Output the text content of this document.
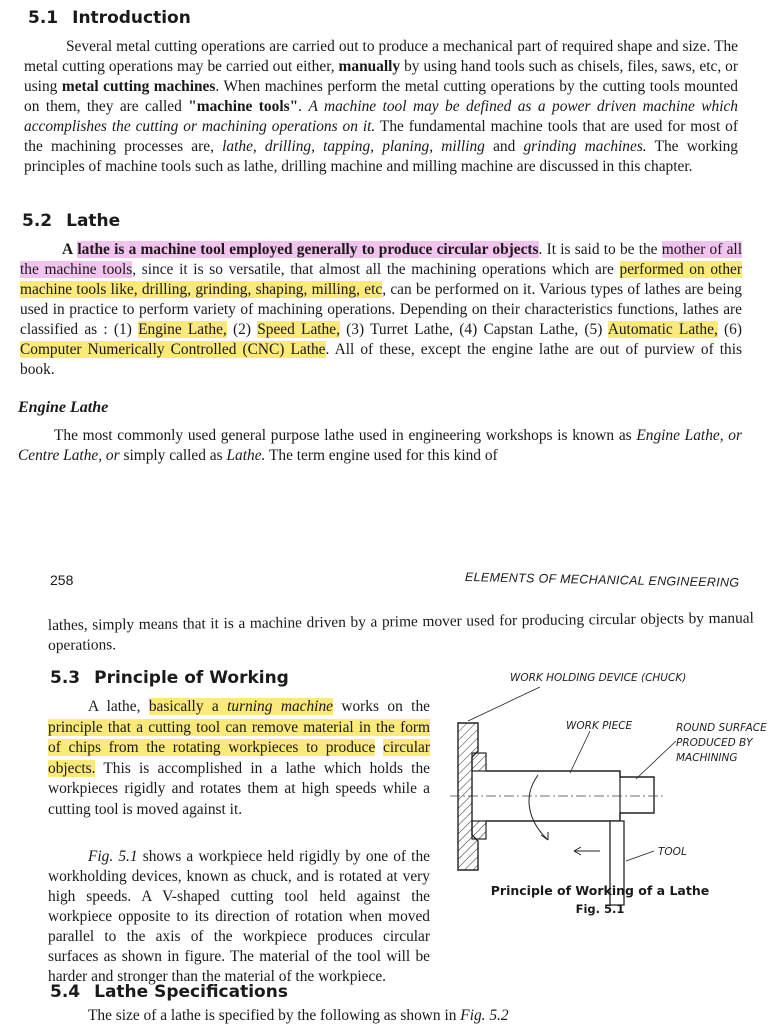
5.1 Introduction
Several metal cutting operations are carried out to produce a mechanical part of required shape and size. The metal cutting operations may be carried out either, manually by using hand tools such as chisels, files, saws, etc, or using metal cutting machines. When machines perform the metal cutting operations by the cutting tools mounted on them, they are called "machine tools". A machine tool may be defined as a power driven machine which accomplishes the cutting or machining operations on it. The fundamental machine tools that are used for most of the machining processes are, lathe, drilling, tapping, planing, milling and grinding machines. The working principles of machine tools such as lathe, drilling machine and milling machine are discussed in this chapter.
5.2 Lathe
A lathe is a machine tool employed generally to produce circular objects. It is said to be the mother of all the machine tools, since it is so versatile, that almost all the machining operations which are performed on other machine tools like, drilling, grinding, shaping, milling, etc, can be performed on it. Various types of lathes are being used in practice to perform variety of machining operations. Depending on their characteristics functions, lathes are classified as : (1) Engine Lathe, (2) Speed Lathe, (3) Turret Lathe, (4) Capstan Lathe, (5) Automatic Lathe, (6) Computer Numerically Controlled (CNC) Lathe. All of these, except the engine lathe are out of purview of this book.
Engine Lathe
The most commonly used general purpose lathe used in engineering workshops is known as Engine Lathe, or Centre Lathe, or simply called as Lathe. The term engine used for this kind of
258	ELEMENTS OF MECHANICAL ENGINEERING
lathes, simply means that it is a machine driven by a prime mover used for producing circular objects by manual operations.
5.3 Principle of Working
A lathe, basically a turning machine works on the principle that a cutting tool can remove material in the form of chips from the rotating workpieces to produce circular objects. This is accomplished in a lathe which holds the workpieces rigidly and rotates them at high speeds while a cutting tool is moved against it.
Fig. 5.1 shows a workpiece held rigidly by one of the workholding devices, known as chuck, and is rotated at very high speeds. A V-shaped cutting tool held against the workpiece opposite to its direction of rotation when moved parallel to the axis of the workpiece produces circular surfaces as shown in figure. The material of the tool will be harder and stronger than the material of the workpiece.
WORK HOLDING DEVICE (CHUCK)
WORK PIECE	ROUND SURFACE
PRODUCED BY
MACHINING
TOOL
Principle of Working of a Lathe
Fig. 5.1
5.4 Lathe Specifications
The size of a lathe is specified by the following as shown in Fig. 5.2
